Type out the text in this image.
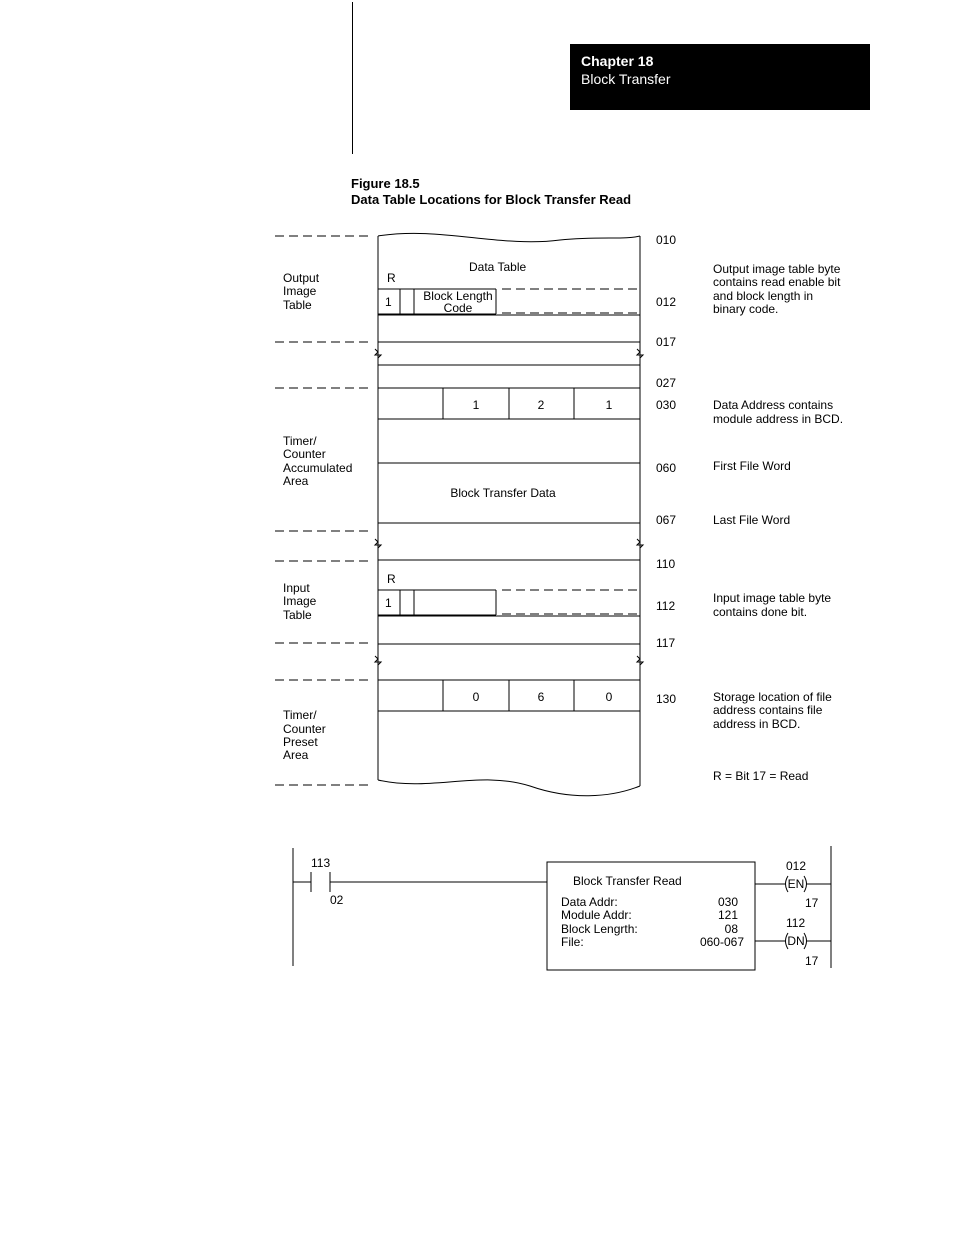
Chapter 18
Block Transfer
Figure 18.5
Data Table Locations for Block Transfer Read
Output
Image
Table
Timer/
Counter
Accumulated
Area
Input
Image
Table
Timer/
Counter
Preset
Area
Data Table
R
1	Block Length
Code
1	2	1
Block Transfer Data
R
1
0	6	0
010
012
017
027
030
060
067
110
112
117
130
Output image table byte
contains read enable bit
and block length in
binary code.
Data Address contains
module address in BCD.
First File Word
Last File Word
Input image table byte
contains done bit.
Storage location of file
address contains file
address in BCD.
R = Bit 17 = Read
113
02
Block Transfer Read
Data Addr:	030
Module Addr:	121
Block Lengrth:	08
File:	060-067
012
EN
17
112
DN
17
